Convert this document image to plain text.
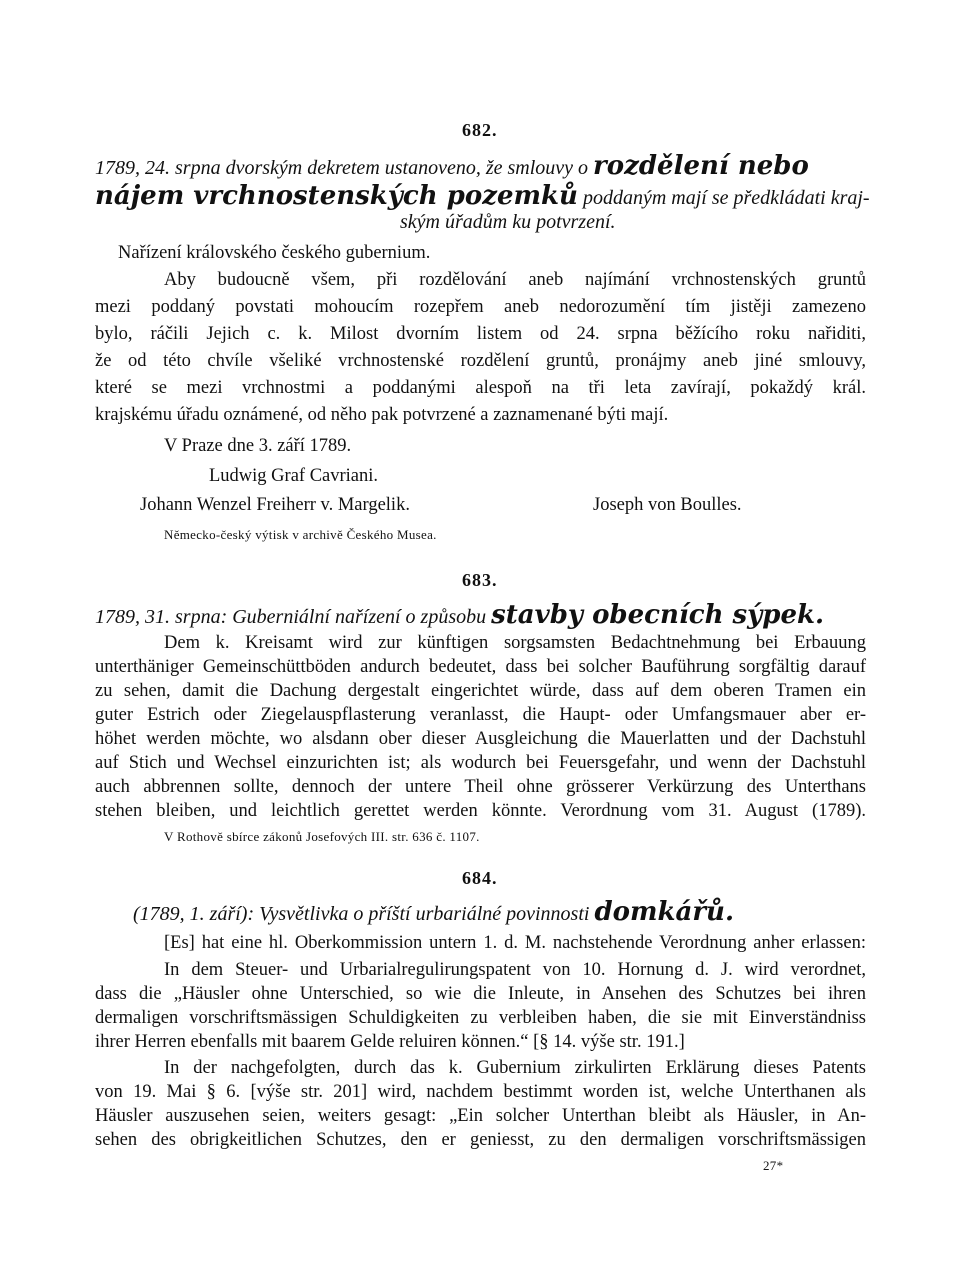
682.
1789, 24. srpna dvorským dekretem ustanoveno, že smlouvy o rozdělení nebo
nájem vrchnostenských pozemků poddaným mají se předkládati kraj-
ským úřadům ku potvrzení.
Nařízení královského českého gubernium.
Aby budoucně všem, při rozdělování aneb najímání vrchnostenských gruntů
mezi poddaný povstati mohoucím rozepřem aneb nedorozumění tím jistěji zamezeno
bylo, ráčili Jejich c. k. Milost dvorním listem od 24. srpna běžícího roku nařiditi,
že od této chvíle všeliké vrchnostenské rozdělení gruntů, pronájmy aneb jiné smlouvy,
které se mezi vrchnostmi a poddanými alespoň na tři leta zavírají, pokaždý král.
krajskému úřadu oznámené, od něho pak potvrzené a zaznamenané býti mají.
V Praze dne 3. září 1789.
Ludwig Graf Cavriani.
Johann Wenzel Freiherr v. Margelik.	Joseph von Boulles.
Německo-český výtisk v archivě Českého Musea.
683.
1789, 31. srpna: Guberniální nařízení o způsobu stavby obecních sýpek.
Dem k. Kreisamt wird zur künftigen sorgsamsten Bedachtnehmung bei Erbauung
unterthäniger Gemeinschüttböden andurch bedeutet, dass bei solcher Bauführung sorgfältig darauf
zu sehen, damit die Dachung dergestalt eingerichtet würde, dass auf dem oberen Tramen ein
guter Estrich oder Ziegelauspflasterung veranlasst, die Haupt- oder Umfangsmauer aber er-
höhet werden möchte, wo alsdann ober dieser Ausgleichung die Mauerlatten und der Dachstuhl
auf Stich und Wechsel einzurichten ist; als wodurch bei Feuersgefahr, und wenn der Dachstuhl
auch abbrennen sollte, dennoch der untere Theil ohne grösserer Verkürzung des Unterthans
stehen bleiben, und leichtlich gerettet werden könnte. Verordnung vom 31. August (1789).
V Rothově sbírce zákonů Josefových III. str. 636 č. 1107.
684.
(1789, 1. září): Vysvětlivka o příští urbariálné povinnosti domkářů.
[Es] hat eine hl. Oberkommission untern 1. d. M. nachstehende Verordnung anher erlassen:
In dem Steuer- und Urbarialregulirungspatent von 10. Hornung d. J. wird verordnet,
dass die „Häusler ohne Unterschied, so wie die Inleute, in Ansehen des Schutzes bei ihren
dermaligen vorschriftsmässigen Schuldigkeiten zu verbleiben haben, die sie mit Einverständniss
ihrer Herren ebenfalls mit baarem Gelde reluiren können.“ [§ 14. výše str. 191.]
In der nachgefolgten, durch das k. Gubernium zirkulirten Erklärung dieses Patents
von 19. Mai § 6. [výše str. 201] wird, nachdem bestimmt worden ist, welche Unterthanen als
Häusler auszusehen seien, weiters gesagt: „Ein solcher Unterthan bleibt als Häusler, in An-
sehen des obrigkeitlichen Schutzes, den er geniesst, zu den dermaligen vorschriftsmässigen
27*
